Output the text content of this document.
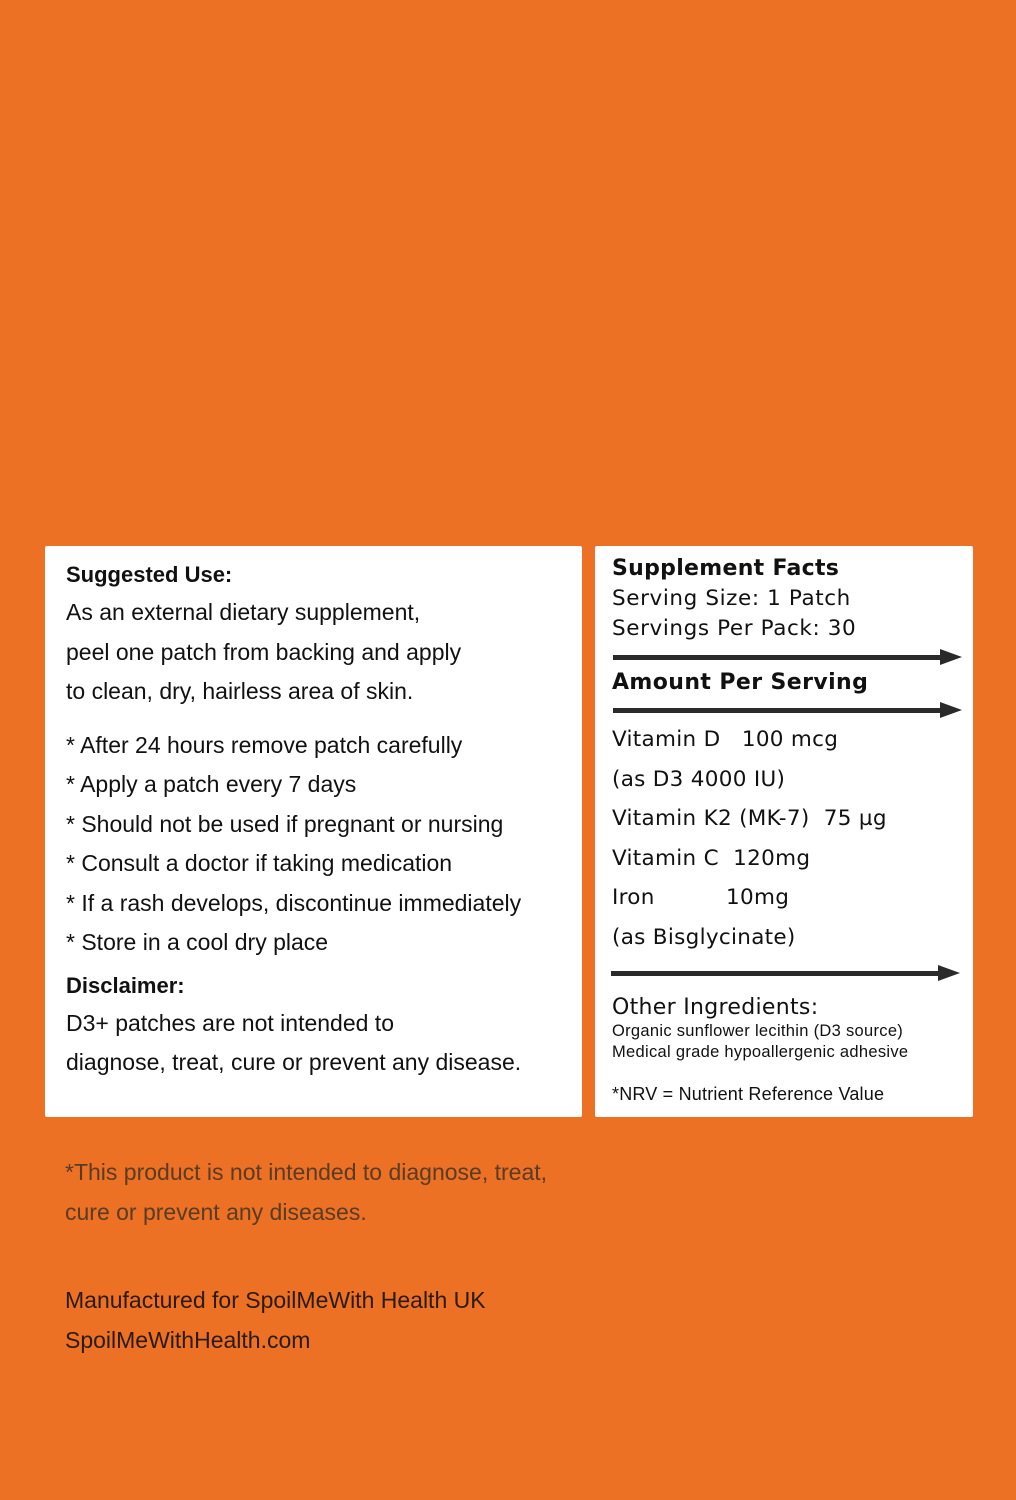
Suggested Use:
As an external dietary supplement,
peel one patch from backing and apply
to clean, dry, hairless area of skin.
* After 24 hours remove patch carefully
* Apply a patch every 7 days
* Should not be used if pregnant or nursing
* Consult a doctor if taking medication
* If a rash develops, discontinue immediately
* Store in a cool dry place
Disclaimer:
D3+ patches are not intended to
diagnose, treat, cure or prevent any disease.
Supplement Facts
Serving Size: 1 Patch
Servings Per Pack: 30
Amount Per Serving
Vitamin D   100 mcg
(as D3 4000 IU)
Vitamin K2 (MK-7)  75 µg
Vitamin C  120mg
Iron          10mg
(as Bisglycinate)
Other Ingredients:
Organic sunflower lecithin (D3 source)
Medical grade hypoallergenic adhesive
*NRV = Nutrient Reference Value
*This product is not intended to diagnose, treat,
cure or prevent any diseases.
Manufactured for SpoilMeWith Health UK
SpoilMeWithHealth.com
